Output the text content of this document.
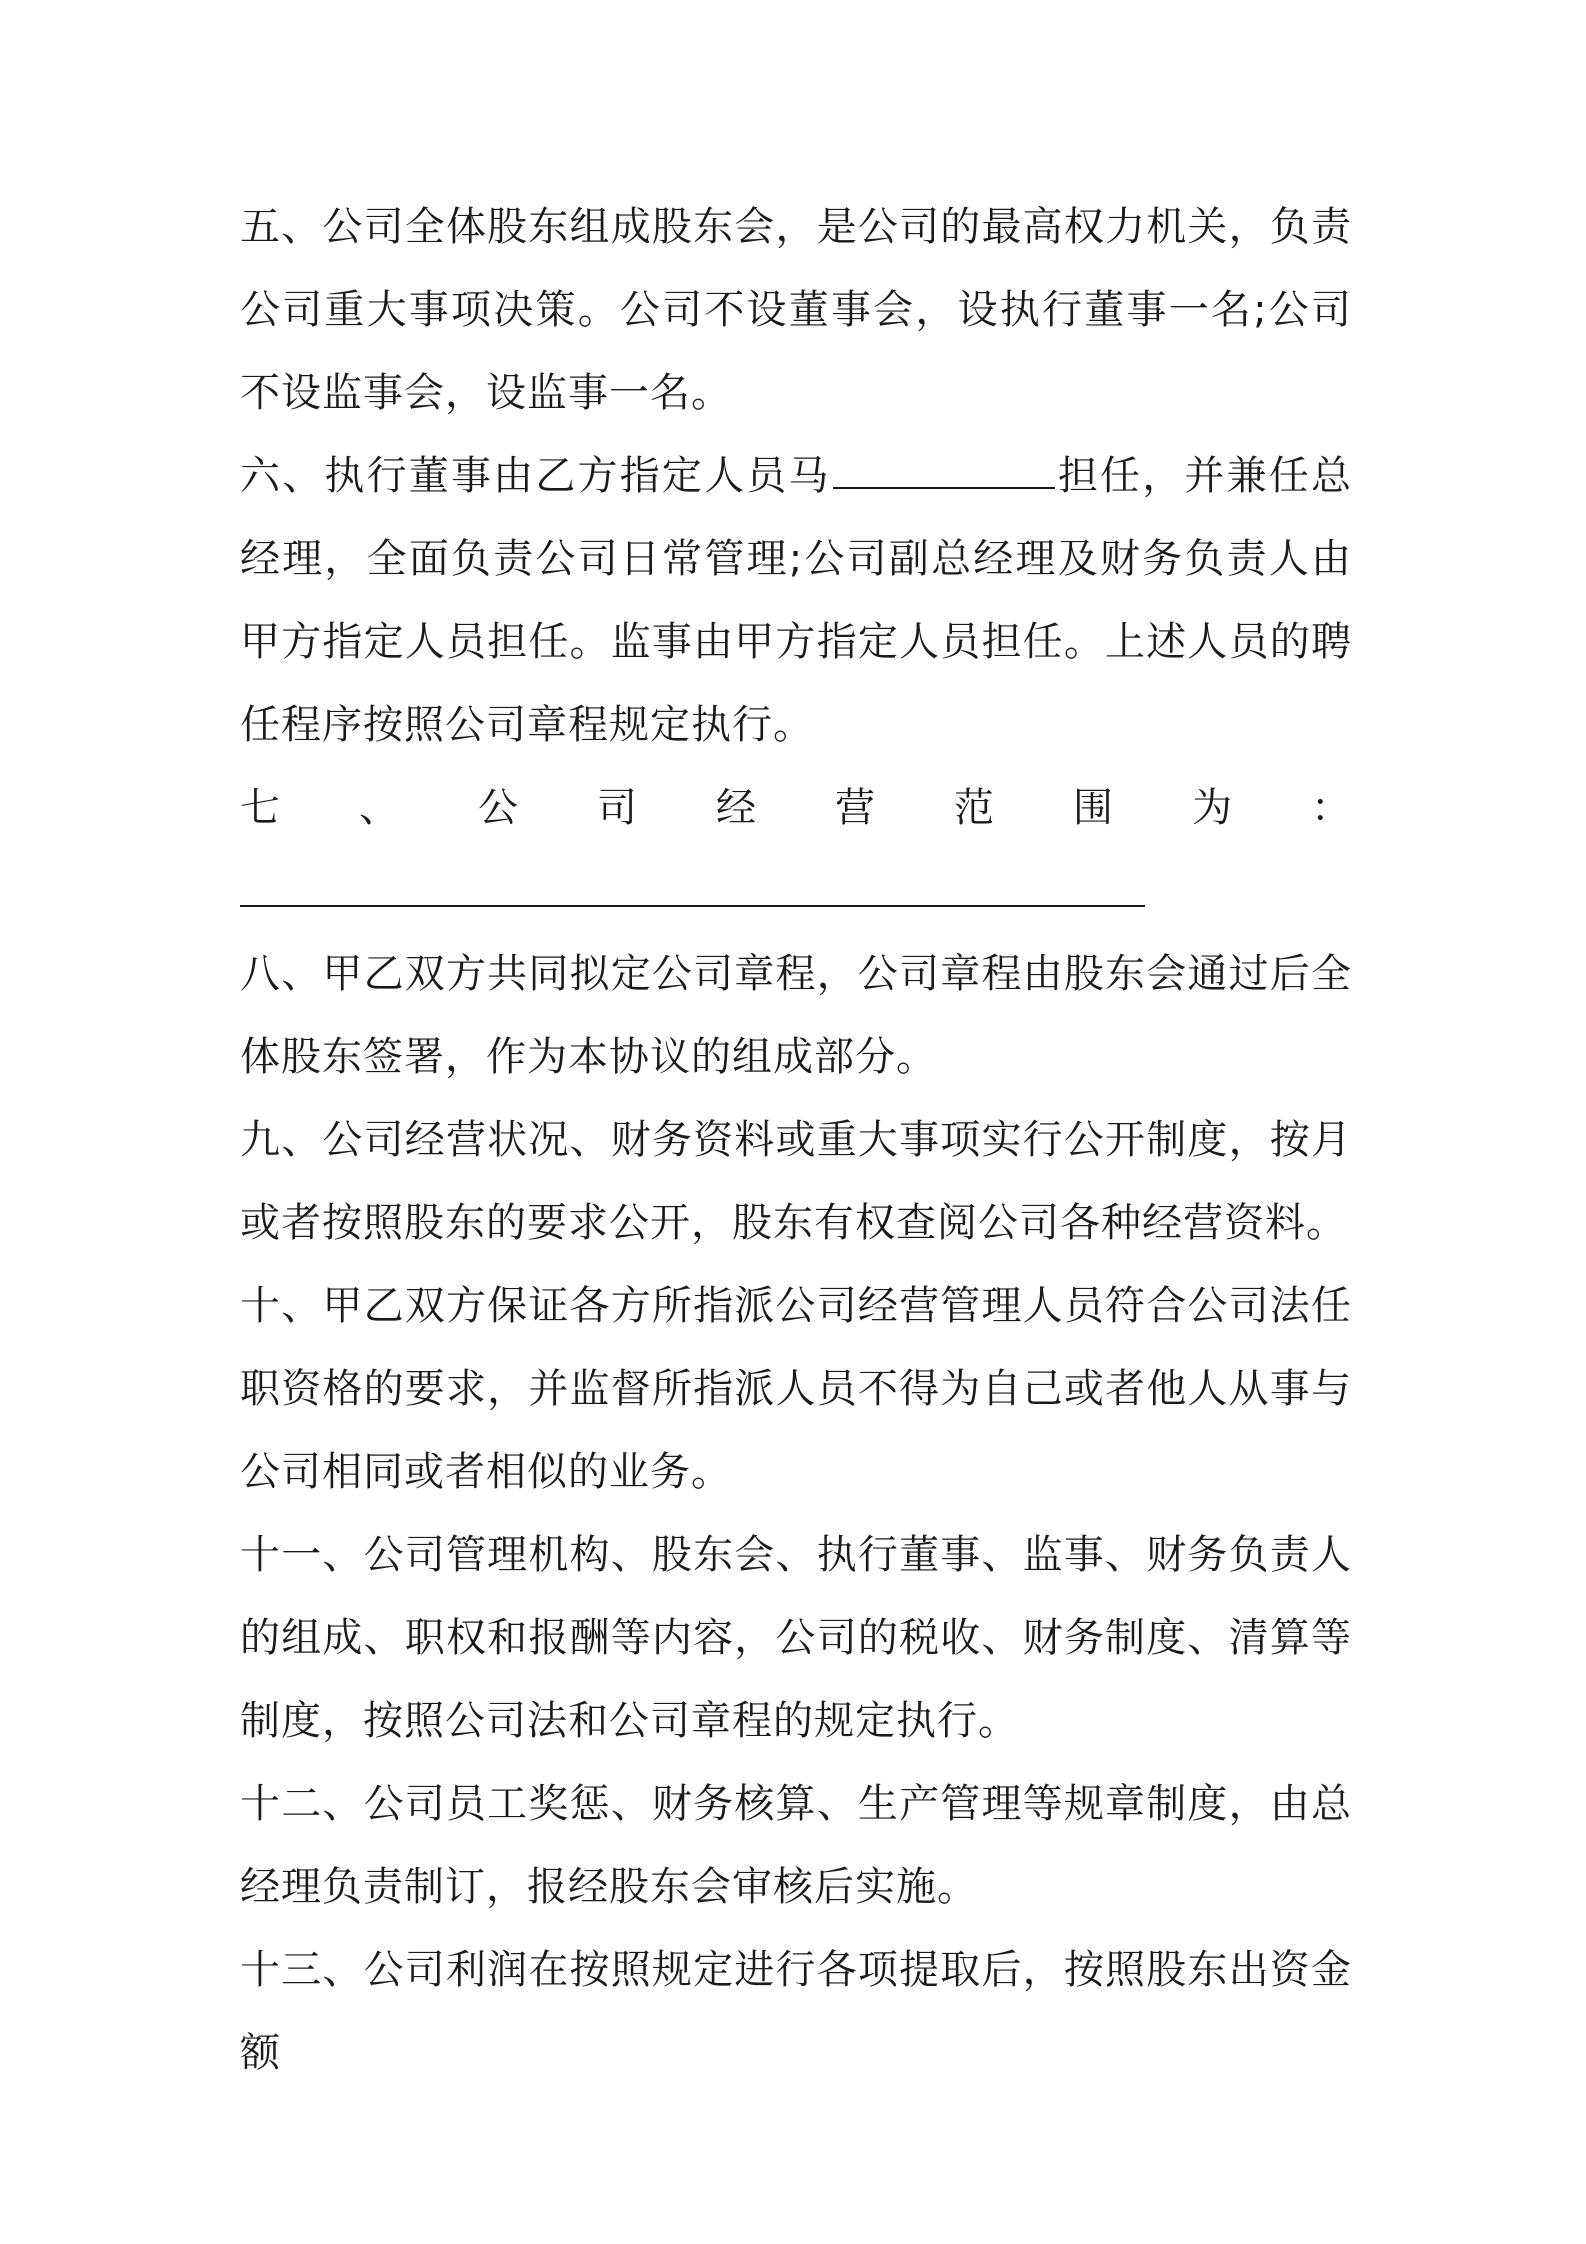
五、公司全体股东组成股东会，是公司的最高权力机关，负责公司重大事项决策。公司不设董事会，设执行董事一名;公司不设监事会，设监事一名。

六、执行董事由乙方指定人员马	担任，并兼任总经理，全面负责公司日常管理;公司副总经理及财务负责人由甲方指定人员担任。监事由甲方指定人员担任。上述人员的聘任程序按照公司章程规定执行。

七、公司经营范围为：

八、甲乙双方共同拟定公司章程，公司章程由股东会通过后全体股东签署，作为本协议的组成部分。

九、公司经营状况、财务资料或重大事项实行公开制度，按月或者按照股东的要求公开，股东有权查阅公司各种经营资料。

十、甲乙双方保证各方所指派公司经营管理人员符合公司法任职资格的要求，并监督所指派人员不得为自己或者他人从事与公司相同或者相似的业务。

十一、公司管理机构、股东会、执行董事、监事、财务负责人的组成、职权和报酬等内容，公司的税收、财务制度、清算等制度，按照公司法和公司章程的规定执行。

十二、公司员工奖惩、财务核算、生产管理等规章制度，由总经理负责制订，报经股东会审核后实施。

十三、公司利润在按照规定进行各项提取后，按照股东出资金额
